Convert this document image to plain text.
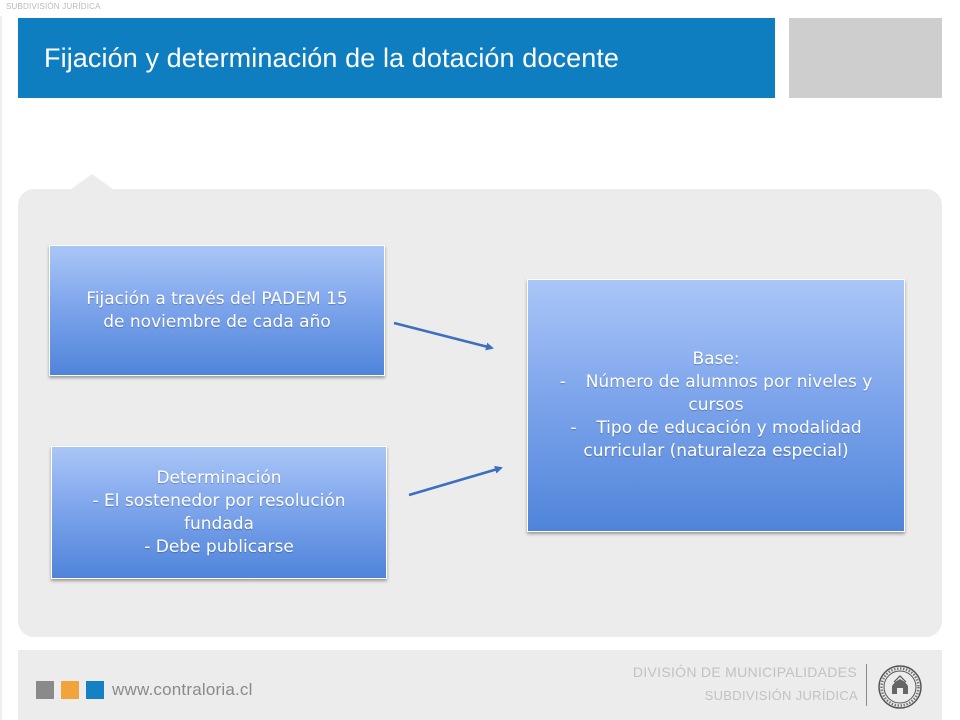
SUBDIVISIÓN JURÍDICA
Fijación y determinación de la dotación docente
Fijación a través del PADEM 15
de noviembre de cada año
Determinación
- El sostenedor por resolución
fundada
- Debe publicarse
Base:
-	Número de alumnos por niveles y
cursos
-	Tipo de educación y modalidad
curricular (naturaleza especial)
www.contraloria.cl
DIVISIÓN DE MUNICIPALIDADES
SUBDIVISIÓN JURÍDICA
